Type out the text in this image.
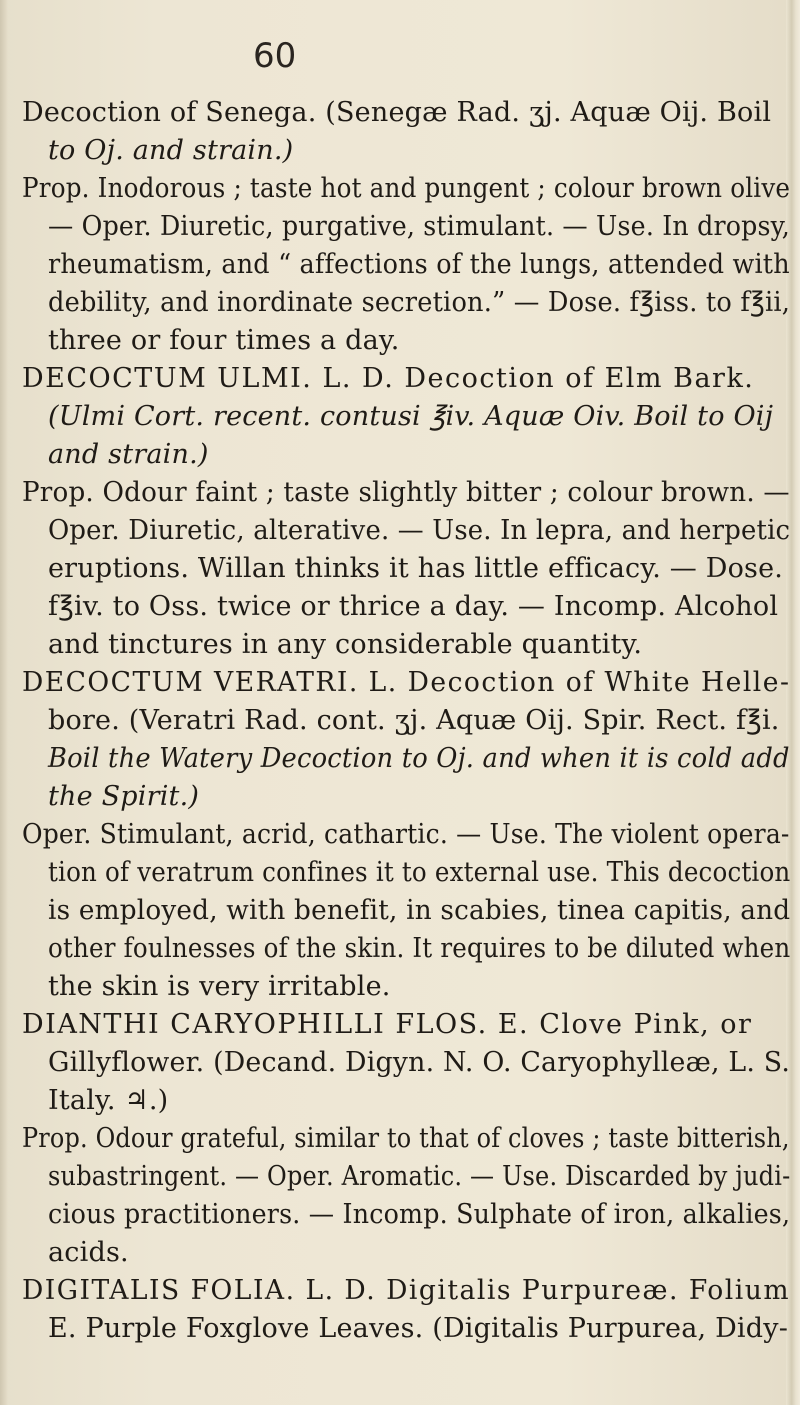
60
Decoction of Senega. (Senegæ Rad. ʒj. Aquæ Oij. Boil
to Oj. and strain.)
Prop. Inodorous ; taste hot and pungent ; colour brown olive
— Oper. Diuretic, purgative, stimulant. — Use. In dropsy,
rheumatism, and “ affections of the lungs, attended with
debility, and inordinate secretion.” — Dose. f℥iss. to f℥ii,
three or four times a day.
DECOCTUM ULMI. L. D. Decoction of Elm Bark.
(Ulmi Cort. recent. contusi ℥iv. Aquæ Oiv. Boil to Oij
and strain.)
Prop. Odour faint ; taste slightly bitter ; colour brown. —
Oper. Diuretic, alterative. — Use. In lepra, and herpetic
eruptions. Willan thinks it has little efficacy. — Dose.
f℥iv. to Oss. twice or thrice a day. — Incomp. Alcohol
and tinctures in any considerable quantity.
DECOCTUM VERATRI. L. Decoction of White Helle-
bore. (Veratri Rad. cont. ʒj. Aquæ Oij. Spir. Rect. f℥i.
Boil the Watery Decoction to Oj. and when it is cold add
the Spirit.)
Oper. Stimulant, acrid, cathartic. — Use. The violent opera-
tion of veratrum confines it to external use. This decoction
is employed, with benefit, in scabies, tinea capitis, and
other foulnesses of the skin. It requires to be diluted when
the skin is very irritable.
DIANTHI CARYOPHILLI FLOS. E. Clove Pink, or
Gillyflower. (Decand. Digyn. N. O. Caryophylleæ, L. S.
Italy. ♃.)
Prop. Odour grateful, similar to that of cloves ; taste bitterish,
subastringent. — Oper. Aromatic. — Use. Discarded by judi-
cious practitioners. — Incomp. Sulphate of iron, alkalies,
acids.
DIGITALIS FOLIA. L. D. Digitalis Purpureæ. Folium
E. Purple Foxglove Leaves. (Digitalis Purpurea, Didy-
